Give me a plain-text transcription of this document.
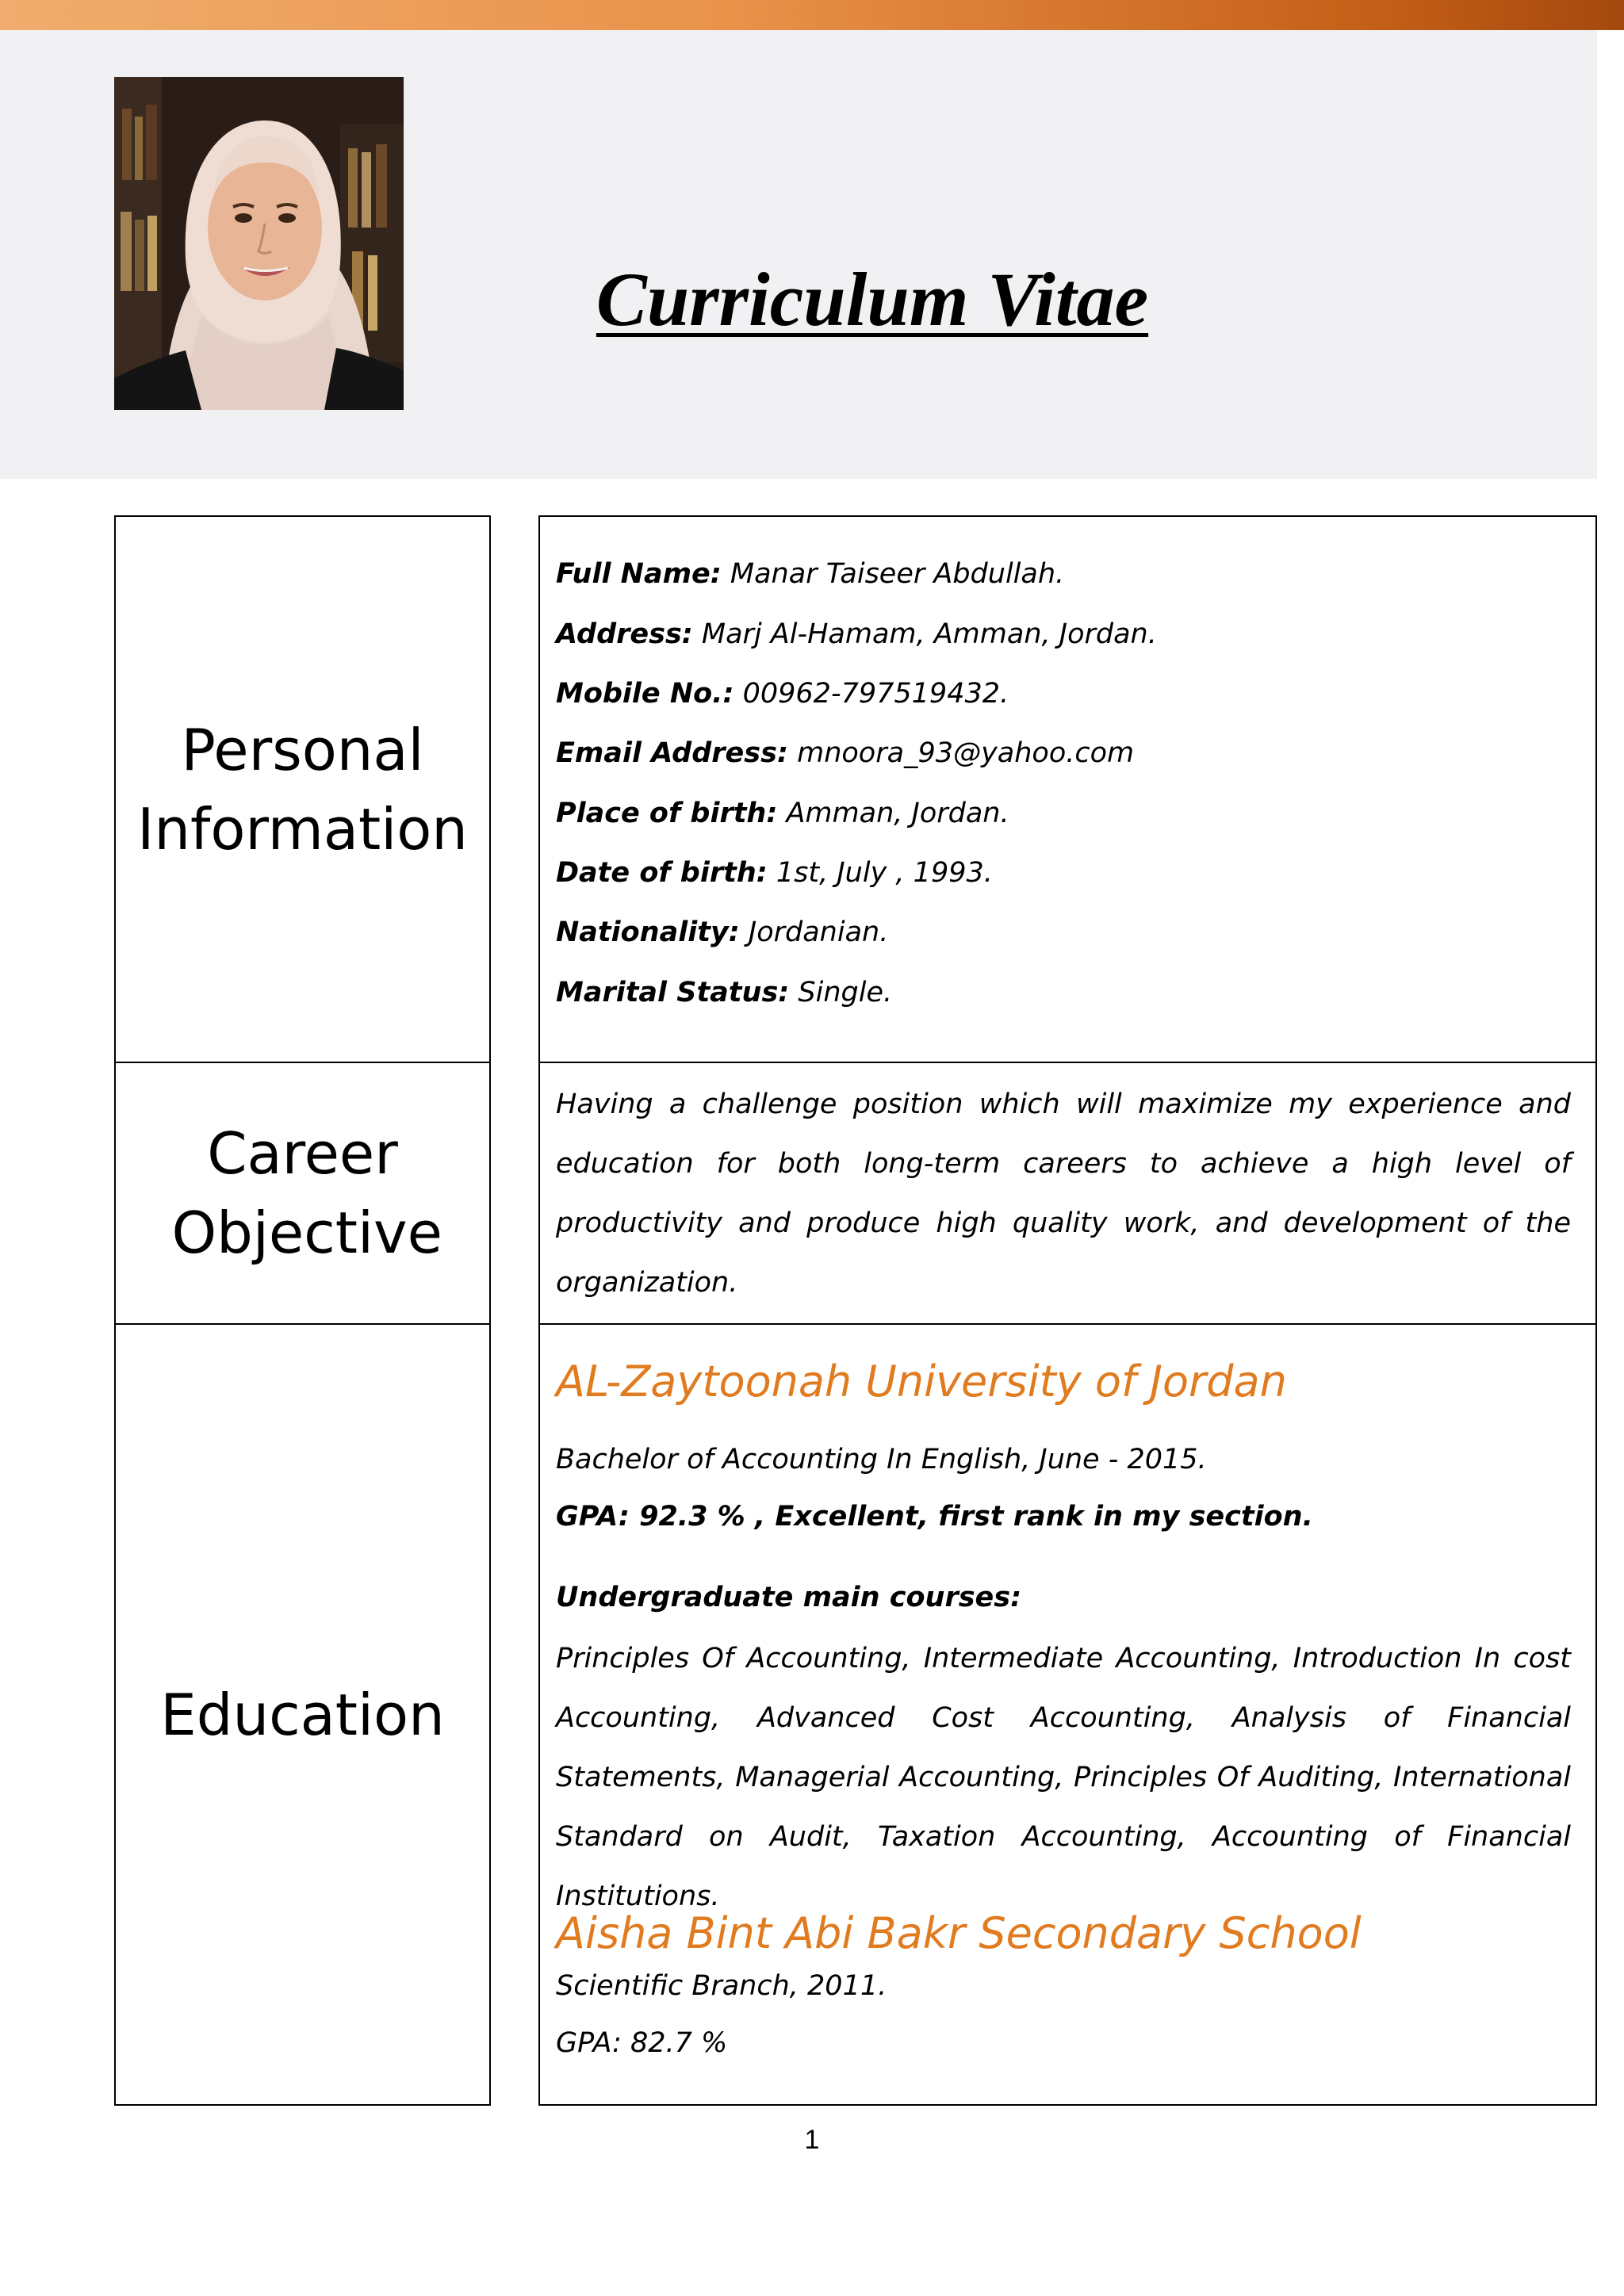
Curriculum Vitae
Personal Information
Full Name: Manar Taiseer Abdullah.
Address: Marj Al-Hamam, Amman, Jordan.
Mobile No.: 00962-797519432.
Email Address: mnoora_93@yahoo.com
Place of birth: Amman, Jordan.
Date of birth: 1st, July , 1993.
Nationality: Jordanian.
Marital Status: Single.
Career Objective
Having a challenge position which will maximize my experience and education for both long-term careers to achieve a high level of productivity and produce high quality work, and development of the organization.
Education
AL-Zaytoonah University of Jordan
Bachelor of Accounting In English, June - 2015.
GPA: 92.3 % , Excellent, first rank in my section.
Undergraduate main courses:
Principles Of Accounting, Intermediate Accounting, Introduction In cost Accounting, Advanced Cost Accounting, Analysis of Financial Statements, Managerial Accounting, Principles Of Auditing, International Standard on Audit, Taxation Accounting, Accounting of Financial Institutions.
Aisha Bint Abi Bakr Secondary School
Scientific Branch, 2011.
GPA: 82.7 %
1
